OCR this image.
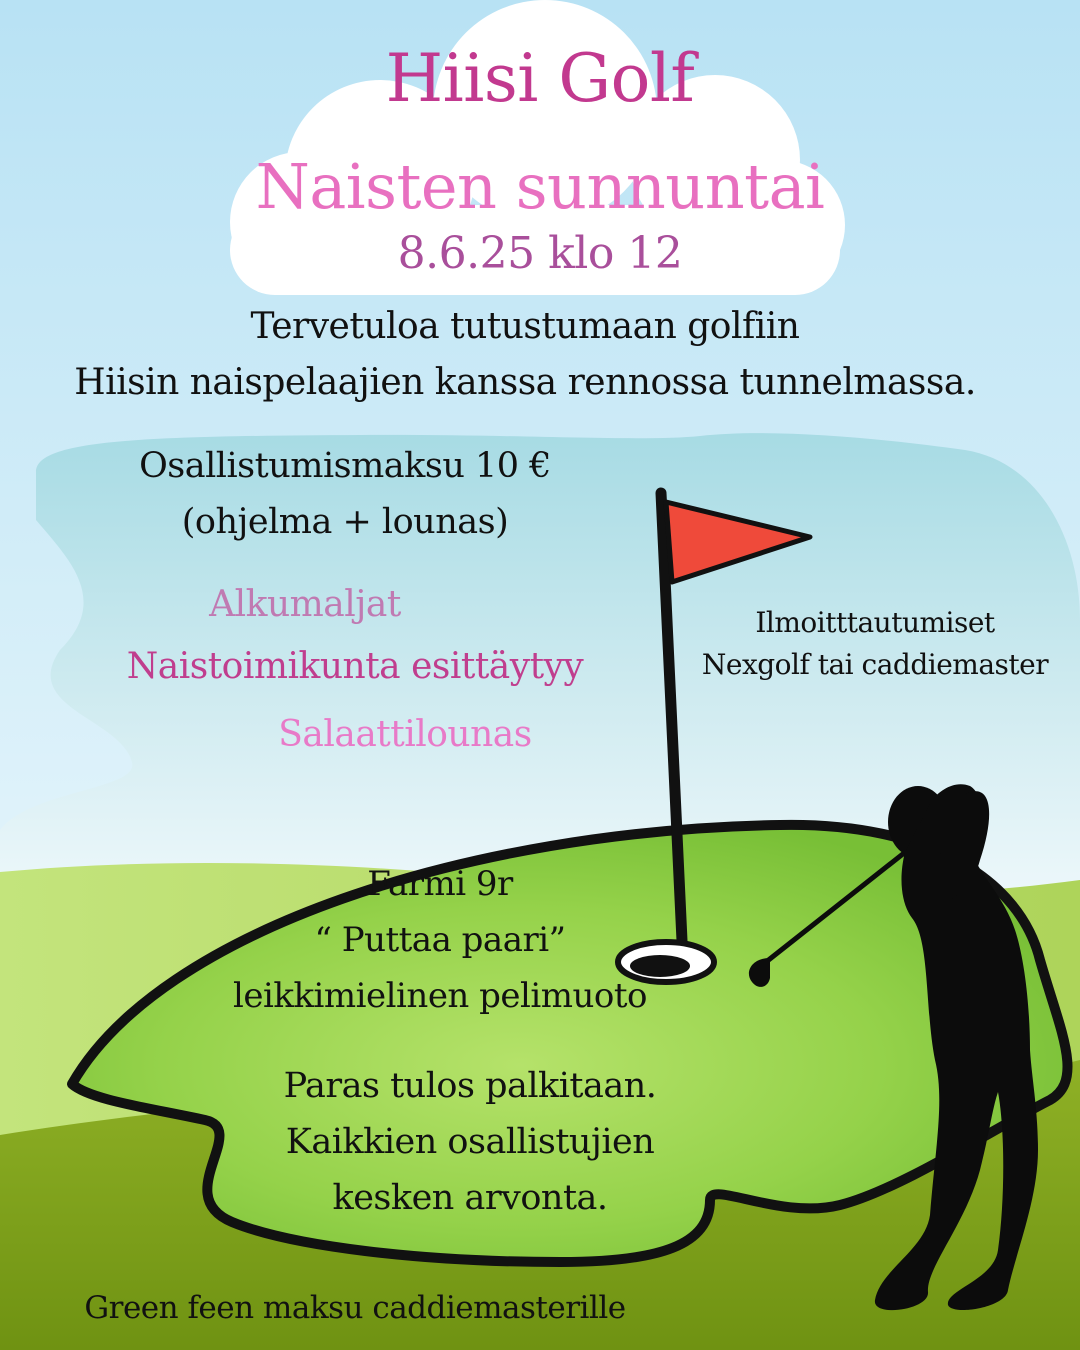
Hiisi Golf

Naisten sunnuntai

8.6.25 klo 12

Tervetuloa tutustumaan golfiin

Hiisin naispelaajien kanssa rennossa tunnelmassa.

Osallistumismaksu 10 €

(ohjelma + lounas)

Alkumaljat

Naistoimikunta esittäytyy

Salaattilounas

Ilmoitttautumiset

Nexgolf tai caddiemaster

Farmi 9r

“ Puttaa paari”

leikkimielinen pelimuoto

Paras tulos palkitaan.

Kaikkien osallistujien

kesken arvonta.

Green feen maksu caddiemasterille
